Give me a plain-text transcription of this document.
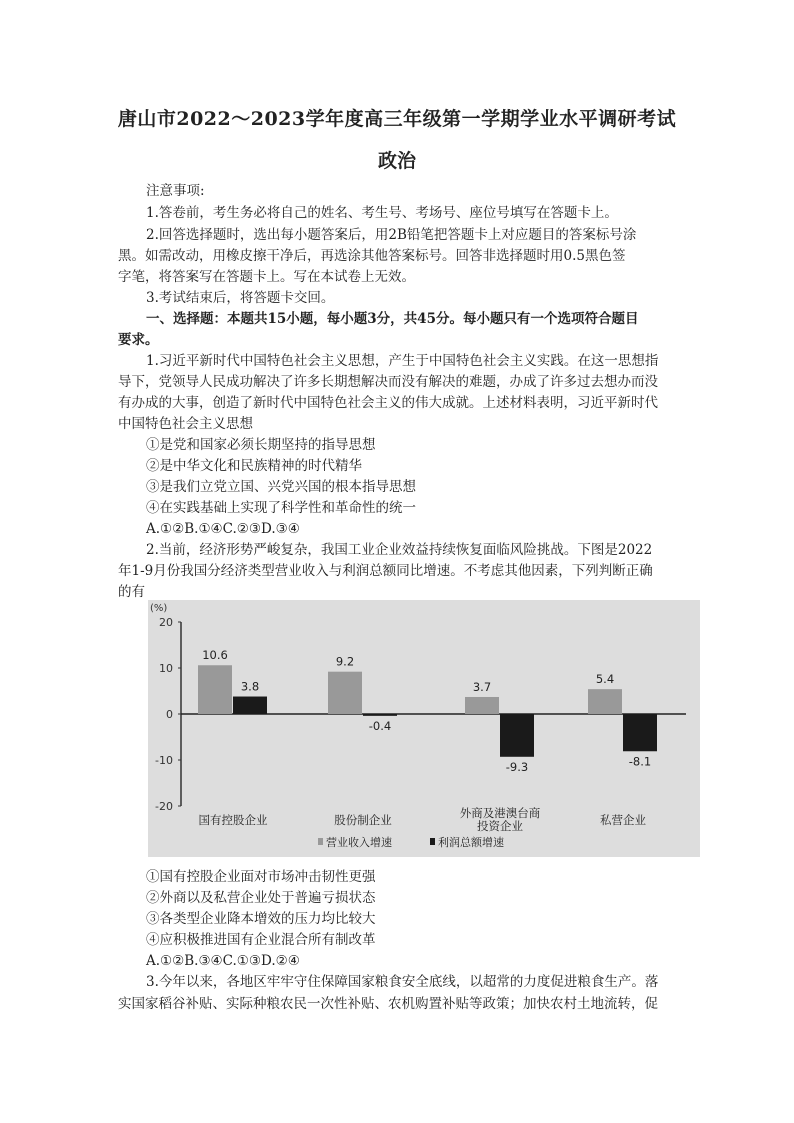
唐山市2022～2023学年度高三年级第一学期学业水平调研考试
政治
注意事项:
1.答卷前，考生务必将自己的姓名、考生号、考场号、座位号填写在答题卡上。
2.回答选择题时，选出每小题答案后，用2B铅笔把答题卡上对应题目的答案标号涂
黑。如需改动，用橡皮擦干净后，再选涂其他答案标号。回答非选择题时用0.5黑色签
字笔，将答案写在答题卡上。写在本试卷上无效。
3.考试结束后，将答题卡交回。
一、选择题：本题共15小题，每小题3分，共45分。每小题只有一个选项符合题目
要求。
1.习近平新时代中国特色社会主义思想，产生于中国特色社会主义实践。在这一思想指
导下，党领导人民成功解决了许多长期想解决而没有解决的难题，办成了许多过去想办而没
有办成的大事，创造了新时代中国特色社会主义的伟大成就。上述材料表明，习近平新时代
中国特色社会主义思想
①是党和国家必须长期坚持的指导思想
②是中华文化和民族精神的时代精华
③是我们立党立国、兴党兴国的根本指导思想
④在实践基础上实现了科学性和革命性的统一
A.①②B.①④C.②③D.③④
2.当前，经济形势严峻复杂，我国工业企业效益持续恢复面临风险挑战。下图是2022
年1-9月份我国分经济类型营业收入与利润总额同比增速。不考虑其他因素，下列判断正确
的有
(%)
20
10
0
-10
-20
10.6	9.2
3.7
5.4
3.8
-0.4
-9.3	-8.1
国有控股企业	股份制企业	外商及港澳台商
投资企业	私营企业
营业收入增速	利润总额增速
①国有控股企业面对市场冲击韧性更强
②外商以及私营企业处于普遍亏损状态
③各类型企业降本增效的压力均比较大
④应积极推进国有企业混合所有制改革
A.①②B.③④C.①③D.②④
3.今年以来，各地区牢牢守住保障国家粮食安全底线，以超常的力度促进粮食生产。落
实国家稻谷补贴、实际种粮农民一次性补贴、农机购置补贴等政策；加快农村土地流转，促
